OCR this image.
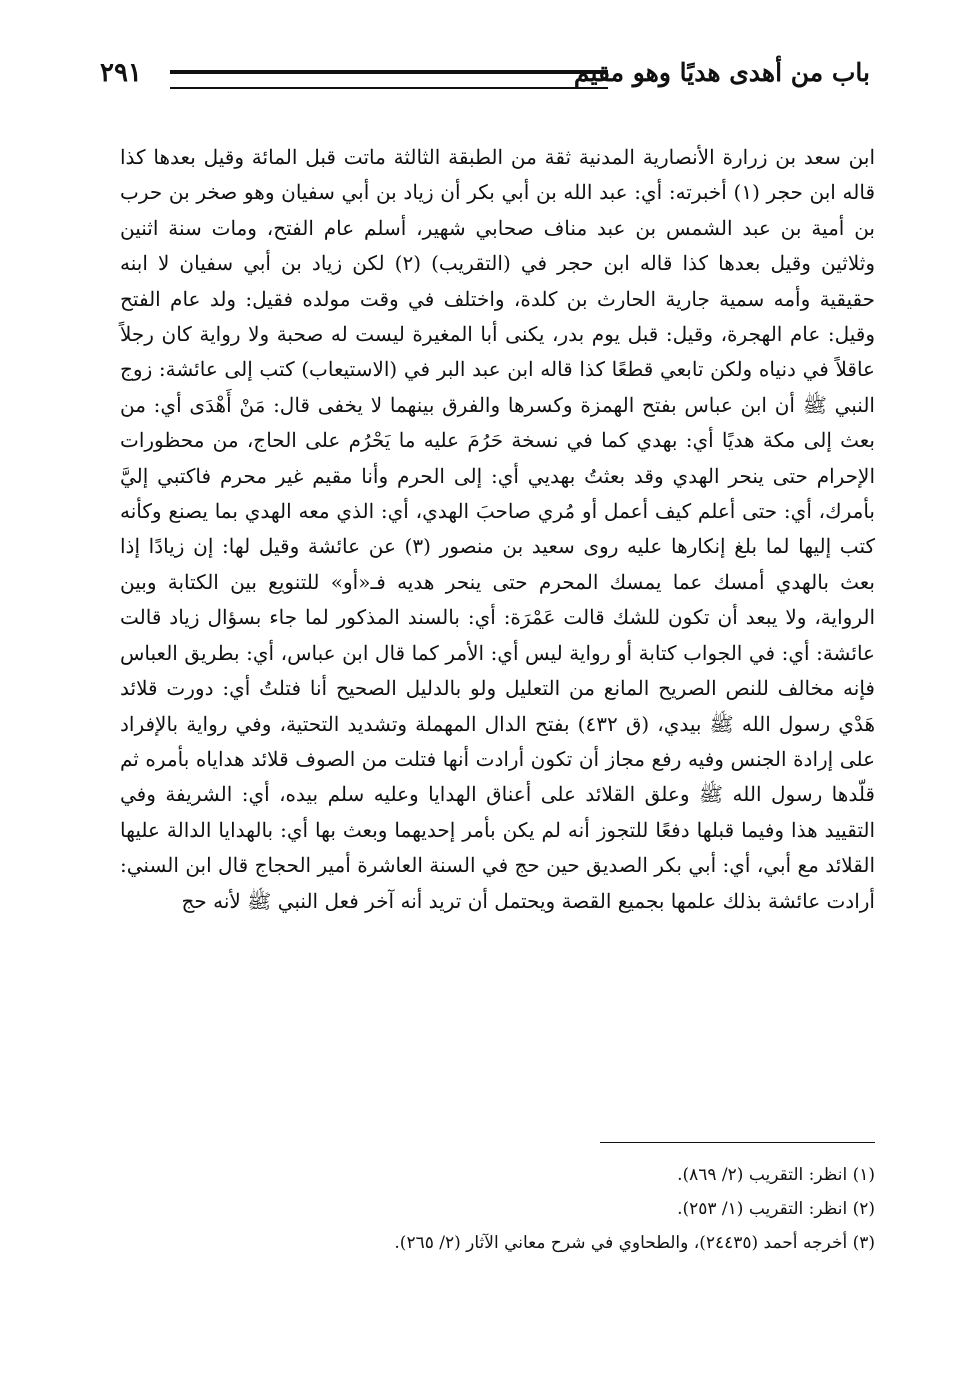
باب من أهدى هديًا وهو مقيم
٢٩١

ابن سعد بن زرارة الأنصارية المدنية ثقة من الطبقة الثالثة ماتت قبل المائة وقيل بعدها كذا قاله ابن حجر (١) أخبرته: أي: عبد الله بن أبي بكر أن زياد بن أبي سفيان وهو صخر بن حرب بن أمية بن عبد الشمس بن عبد مناف صحابي شهير، أسلم عام الفتح، ومات سنة اثنين وثلاثين وقيل بعدها كذا قاله ابن حجر في (التقريب) (٢) لكن زياد بن أبي سفيان لا ابنه حقيقية وأمه سمية جارية الحارث بن كلدة، واختلف في وقت مولده فقيل: ولد عام الفتح وقيل: عام الهجرة، وقيل: قبل يوم بدر، يكنى أبا المغيرة ليست له صحبة ولا رواية كان رجلاً عاقلاً في دنياه ولكن تابعي قطعًا كذا قاله ابن عبد البر في (الاستيعاب) كتب إلى عائشة: زوج النبي ﷺ أن ابن عباس بفتح الهمزة وكسرها والفرق بينهما لا يخفى قال: مَنْ أَهْدَى أي: من بعث إلى مكة هديًا أي: بهدي كما في نسخة حَرُمَ عليه ما يَحْرُم على الحاج، من محظورات الإحرام حتى ينحر الهدي وقد بعثتُ بهديي أي: إلى الحرم وأنا مقيم غير محرم فاكتبي إليَّ بأمرك، أي: حتى أعلم كيف أعمل أو مُري صاحبَ الهدي، أي: الذي معه الهدي بما يصنع وكأنه كتب إليها لما بلغ إنكارها عليه روى سعيد بن منصور (٣) عن عائشة وقيل لها: إن زيادًا إذا بعث بالهدي أمسك عما يمسك المحرم حتى ينحر هديه فـ«أو» للتنويع بين الكتابة وبين الرواية، ولا يبعد أن تكون للشك قالت عَمْرَة: أي: بالسند المذكور لما جاء بسؤال زياد قالت عائشة: أي: في الجواب كتابة أو رواية ليس أي: الأمر كما قال ابن عباس، أي: بطريق العباس فإنه مخالف للنص الصريح المانع من التعليل ولو بالدليل الصحيح أنا فتلتُ أي: دورت قلائد هَدْي رسول الله ﷺ بيدي، (ق ٤٣٢) بفتح الدال المهملة وتشديد التحتية، وفي رواية بالإفراد على إرادة الجنس وفيه رفع مجاز أن تكون أرادت أنها فتلت من الصوف قلائد هداياه بأمره ثم قلّدها رسول الله ﷺ وعلق القلائد على أعناق الهدايا وعليه سلم بيده، أي: الشريفة وفي التقييد هذا وفيما قبلها دفعًا للتجوز أنه لم يكن بأمر إحديهما وبعث بها أي: بالهدايا الدالة عليها القلائد مع أبي، أي: أبي بكر الصديق حين حج في السنة العاشرة أمير الحجاج قال ابن السني: أرادت عائشة بذلك علمها بجميع القصة ويحتمل أن تريد أنه آخر فعل النبي ﷺ لأنه حج

(١) انظر: التقريب (٢/ ٨٦٩).
(٢) انظر: التقريب (١/ ٢٥٣).
(٣) أخرجه أحمد (٢٤٤٣٥)، والطحاوي في شرح معاني الآثار (٢/ ٢٦٥).
